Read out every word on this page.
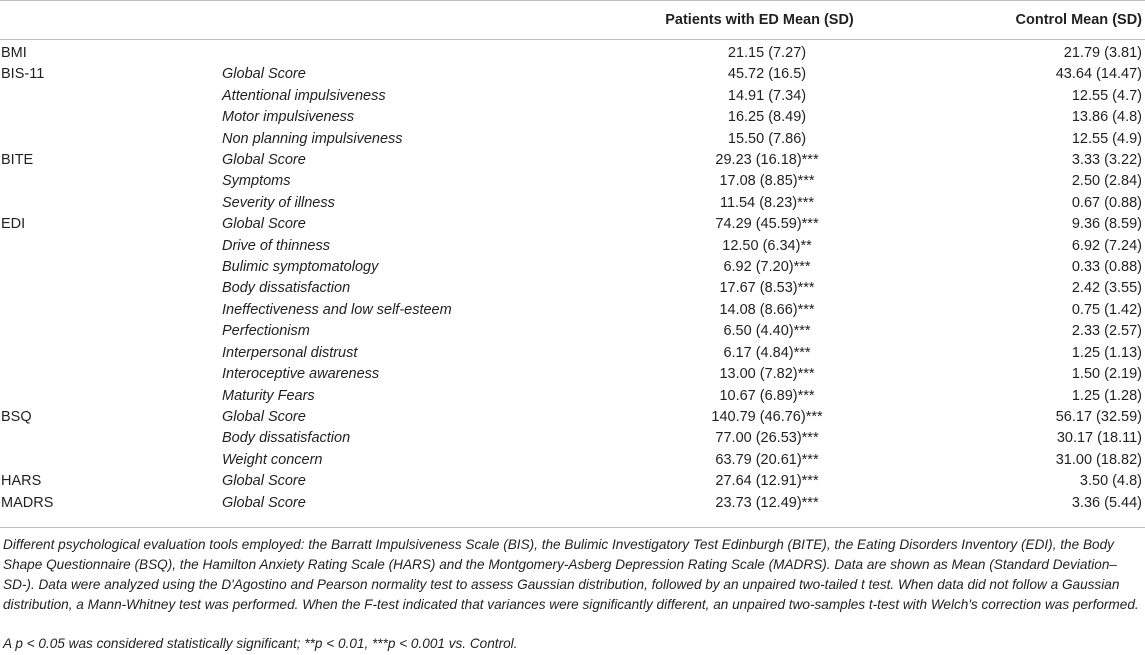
		Patients with ED Mean (SD)	Control Mean (SD)
BMI		21.15 (7.27)	21.79 (3.81)
BIS-11	Global Score	45.72 (16.5)	43.64 (14.47)
	Attentional impulsiveness	14.91 (7.34)	12.55 (4.7)
	Motor impulsiveness	16.25 (8.49)	13.86 (4.8)
	Non planning impulsiveness	15.50 (7.86)	12.55 (4.9)
BITE	Global Score	29.23 (16.18)***	3.33 (3.22)
	Symptoms	17.08 (8.85)***	2.50 (2.84)
	Severity of illness	11.54 (8.23)***	0.67 (0.88)
EDI	Global Score	74.29 (45.59)***	9.36 (8.59)
	Drive of thinness	12.50 (6.34)**	6.92 (7.24)
	Bulimic symptomatology	6.92 (7.20)***	0.33 (0.88)
	Body dissatisfaction	17.67 (8.53)***	2.42 (3.55)
	Ineffectiveness and low self-esteem	14.08 (8.66)***	0.75 (1.42)
	Perfectionism	6.50 (4.40)***	2.33 (2.57)
	Interpersonal distrust	6.17 (4.84)***	1.25 (1.13)
	Interoceptive awareness	13.00 (7.82)***	1.50 (2.19)
	Maturity Fears	10.67 (6.89)***	1.25 (1.28)
BSQ	Global Score	140.79 (46.76)***	56.17 (32.59)
	Body dissatisfaction	77.00 (26.53)***	30.17 (18.11)
	Weight concern	63.79 (20.61)***	31.00 (18.82)
HARS	Global Score	27.64 (12.91)***	3.50 (4.8)
MADRS	Global Score	23.73 (12.49)***	3.36 (5.44)
Different psychological evaluation tools employed: the Barratt Impulsiveness Scale (BIS), the Bulimic Investigatory Test Edinburgh (BITE), the Eating Disorders Inventory (EDI), the Body Shape Questionnaire (BSQ), the Hamilton Anxiety Rating Scale (HARS) and the Montgomery-Asberg Depression Rating Scale (MADRS). Data are shown as Mean (Standard Deviation–SD-). Data were analyzed using the D'Agostino and Pearson normality test to assess Gaussian distribution, followed by an unpaired two-tailed t test. When data did not follow a Gaussian distribution, a Mann-Whitney test was performed. When the F-test indicated that variances were significantly different, an unpaired two-samples t-test with Welch's correction was performed.
A p < 0.05 was considered statistically significant; **p < 0.01, ***p < 0.001 vs. Control.
